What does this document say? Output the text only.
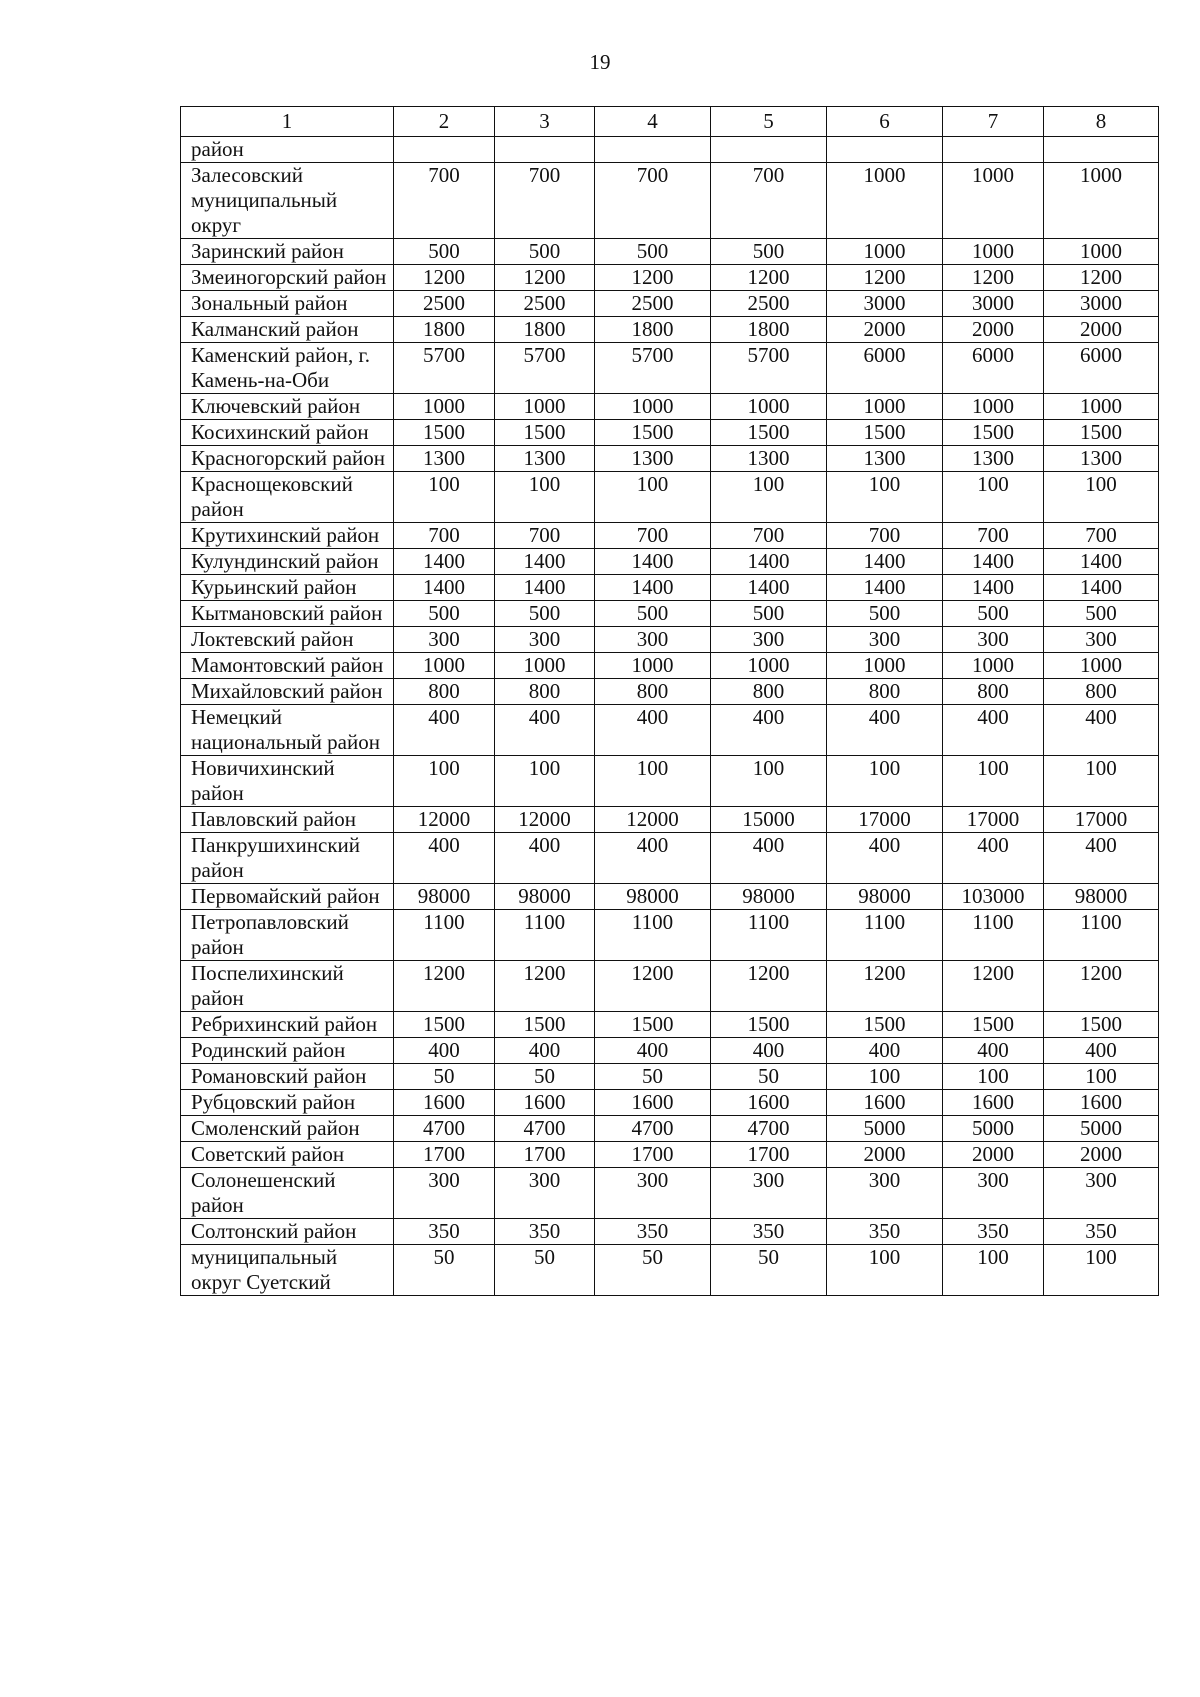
19
1	2	3	4	5	6	7	8
район							
Залесовский муниципальный округ	700	700	700	700	1000	1000	1000
Заринский район	500	500	500	500	1000	1000	1000
Змеиногорский район	1200	1200	1200	1200	1200	1200	1200
Зональный район	2500	2500	2500	2500	3000	3000	3000
Калманский район	1800	1800	1800	1800	2000	2000	2000
Каменский район, г. Камень-на-Оби	5700	5700	5700	5700	6000	6000	6000
Ключевский район	1000	1000	1000	1000	1000	1000	1000
Косихинский район	1500	1500	1500	1500	1500	1500	1500
Красногорский район	1300	1300	1300	1300	1300	1300	1300
Краснощековский район	100	100	100	100	100	100	100
Крутихинский район	700	700	700	700	700	700	700
Кулундинский район	1400	1400	1400	1400	1400	1400	1400
Курьинский район	1400	1400	1400	1400	1400	1400	1400
Кытмановский район	500	500	500	500	500	500	500
Локтевский район	300	300	300	300	300	300	300
Мамонтовский район	1000	1000	1000	1000	1000	1000	1000
Михайловский район	800	800	800	800	800	800	800
Немецкий национальный район	400	400	400	400	400	400	400
Новичихинский район	100	100	100	100	100	100	100
Павловский район	12000	12000	12000	15000	17000	17000	17000
Панкрушихинский район	400	400	400	400	400	400	400
Первомайский район	98000	98000	98000	98000	98000	103000	98000
Петропавловский район	1100	1100	1100	1100	1100	1100	1100
Поспелихинский район	1200	1200	1200	1200	1200	1200	1200
Ребрихинский район	1500	1500	1500	1500	1500	1500	1500
Родинский район	400	400	400	400	400	400	400
Романовский район	50	50	50	50	100	100	100
Рубцовский район	1600	1600	1600	1600	1600	1600	1600
Смоленский район	4700	4700	4700	4700	5000	5000	5000
Советский район	1700	1700	1700	1700	2000	2000	2000
Солонешенский район	300	300	300	300	300	300	300
Солтонский район	350	350	350	350	350	350	350
муниципальный округ Суетский	50	50	50	50	100	100	100
